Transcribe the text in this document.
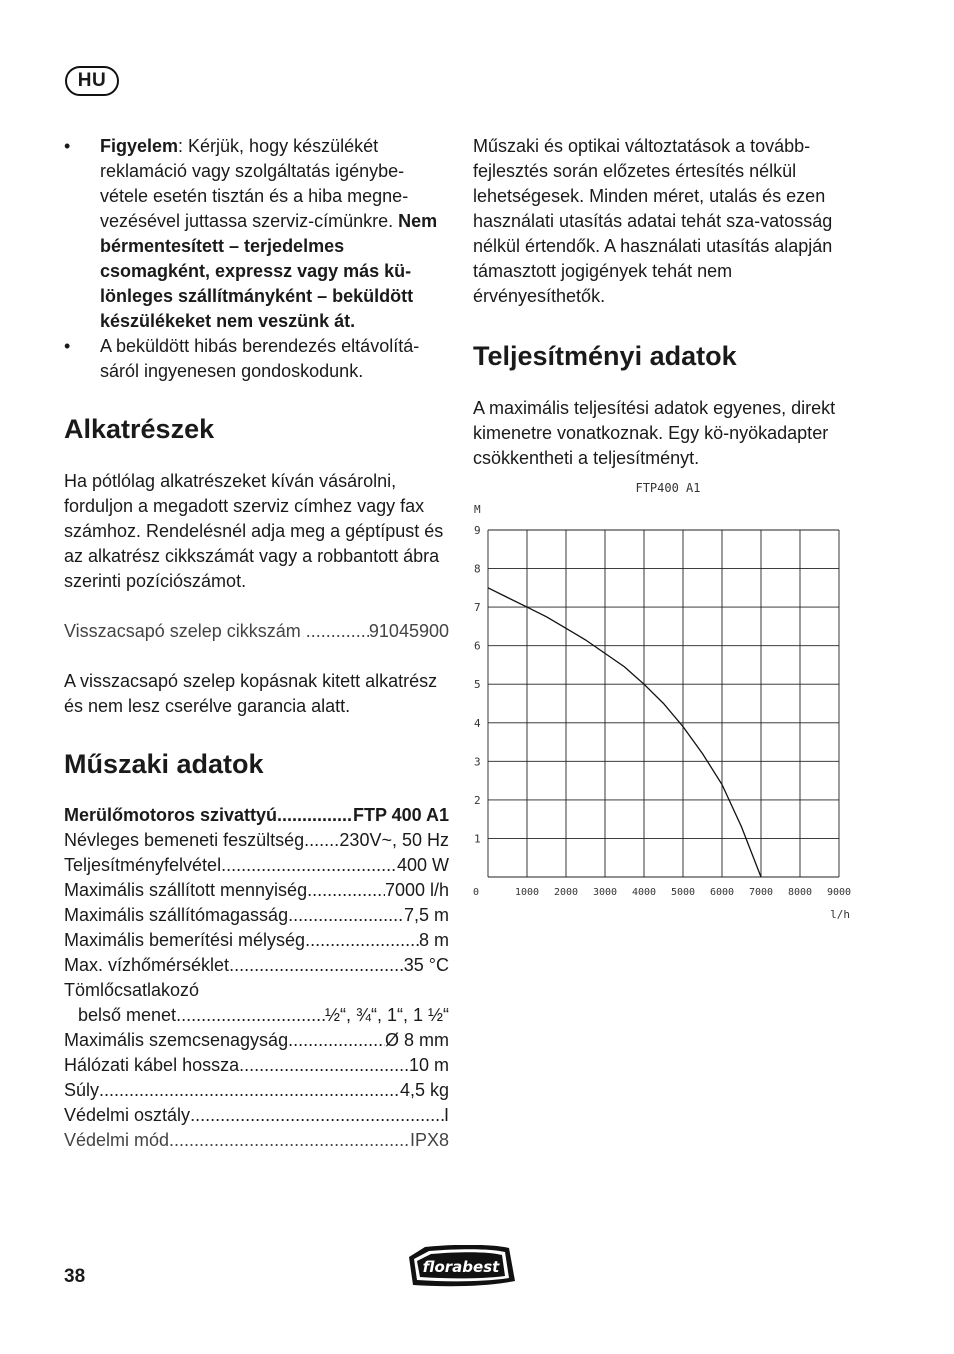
HU
• Figyelem: Kérjük, hogy készülékét reklamáció vagy szolgáltatás igénybe-vétele esetén tisztán és a hiba megne-vezésével juttassa szerviz-címünkre. Nem bérmentesített – terjedelmes csomagként, expressz vagy más kü-lönleges szállítmányként – beküldött készülékeket nem veszünk át.
• A beküldött hibás berendezés eltávolítá-sáról ingyenesen gondoskodunk.
Alkatrészek

Ha pótlólag alkatrészeket kíván vásárolni, forduljon a megadott szerviz címhez vagy fax számhoz. Rendelésnél adja meg a géptípust és az alkatrész cikkszámát vagy a robbantott ábra szerinti pozíciószámot.

Visszacsapó szelep cikkszám .....	91045900

A visszacsapó szelep kopásnak kitett alkatrész és nem lesz cserélve garancia alatt.

Műszaki adatok
Merülőmotoros szivattyú .....	FTP 400 A1
Névleges bemeneti feszültség ..... 230V~, 50 Hz
Teljesítményfelvétel .....	400 W
Maximális szállított mennyiség .....	7000 l/h
Maximális szállítómagasság .....	7,5 m
Maximális bemerítési mélység .....	8 m
Max. vízhőmérséklet .....	35 °C
Tömlőcsatlakozó
belső menet .....	½“, ¾“, 1“, 1 ½“
Maximális szemcsenagyság .....	Ø 8 mm
Hálózati kábel hossza .....	10 m
Súly .....	4,5 kg
Védelmi osztály .....	I
Védelmi mód .....	IPX8

Műszaki és optikai változtatások a tovább-fejlesztés során előzetes értesítés nélkül lehetségesek. Minden méret, utalás és ezen használati utasítás adatai tehát sza-vatosság nélkül értendők. A használati utasítás alapján támasztott jogigények tehát nem érvényesíthetők.

Teljesítményi adatok

A maximális teljesítési adatok egyenes, direkt kimenetre vonatkoznak. Egy kö-nyökadapter csökkentheti a teljesítményt.

FTP400 A1
M
1
2
3
4
5
6
7
8
9
0	1000 2000 3000 4000 5000 6000 7000 8000 9000
l/h
38	florabest
